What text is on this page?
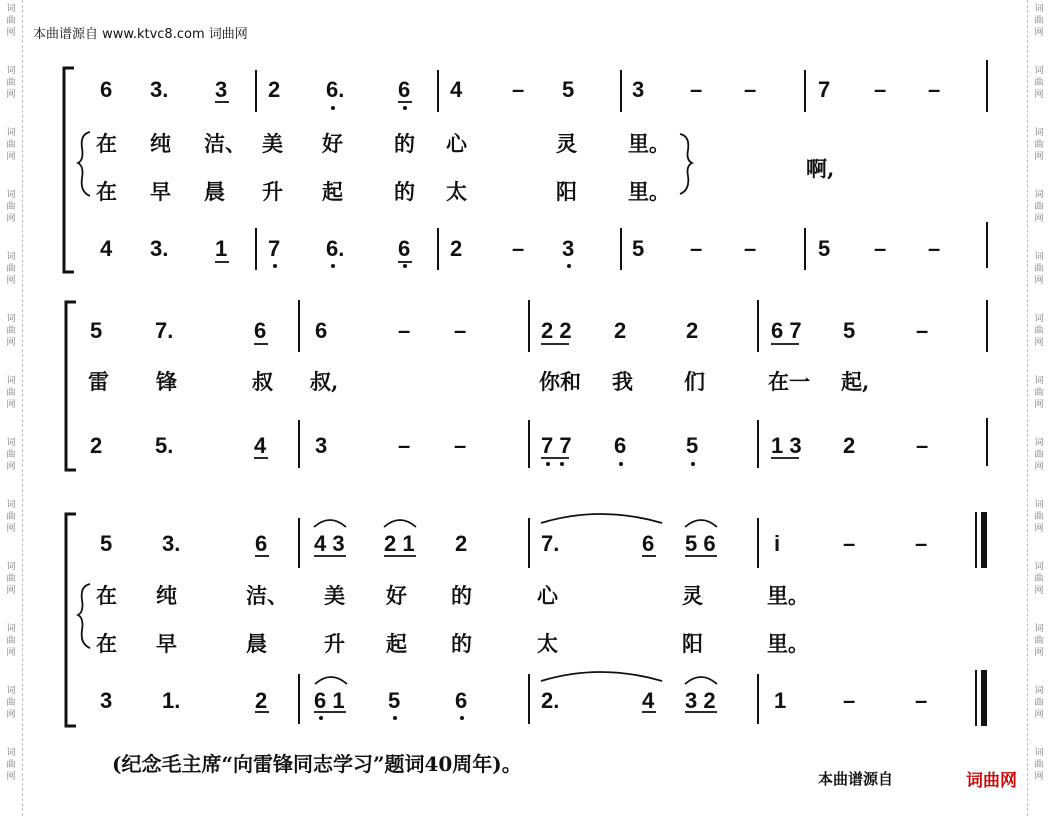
本曲谱源自 www.ktvc8.com 词曲网
6 3. 3 2 6. 6 4 – 5	3 – –	7 – –
在 纯 洁、 美 好 的 心	灵 里。
在 早 晨 升 起 的 太	阳 里。
啊,
4 3. 1 7 6. 6 2 – 3	5 – –	5 – –
5 7.	6 6	– –	2 2 2	2	6 7 5	–
雷 锋	叔 叔,	你和 我 们	在一 起,
2 5.	4 3	– –	7 7 6	5	1 3 2	–
5 3.	6 4 3 2 1 2	7.	6 5 6	i	–	–
在 纯	洁、 美 好 的	心	灵	里。
在 早	晨	升 起 的	太	阳	里。
3 1.	2 6 1 5 6	2.	4 3 2	1	–	–
(纪念毛主席“向雷锋同志学习”题词40周年)。
本曲谱源自	词曲网
词
曲
网
词
曲
网
词
曲
网
词
曲
网
词
曲
网
词
曲
网
词
曲
网
词
曲
网
词
曲
网
词
曲
网
词
曲
网
词
曲
网
词
曲
网
词
曲
网
词
曲
网
词
曲
网
词
曲
网
词
曲
网
词
曲
网
词
曲
网
词
曲
网
词
曲
网
词
曲
网
词
曲
网
词
曲
网
词
曲
网
